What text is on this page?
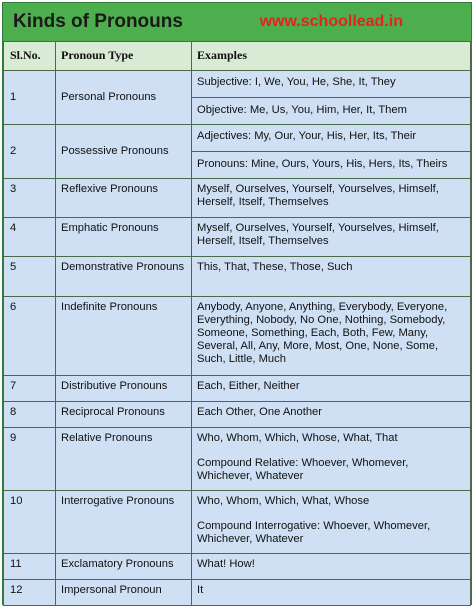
Kinds of Pronouns	www.schoollead.in
Sl.No.	Pronoun Type	Examples
1	Personal Pronouns	Subjective: I, We, You, He, She, It, They
Objective: Me, Us, You, Him, Her, It, Them

2	Possessive Pronouns	Adjectives: My, Our, Your, His, Her, Its, Their
Pronouns: Mine, Ours, Yours, His, Hers, Its, Theirs

3	Reflexive Pronouns	Myself, Ourselves, Yourself, Yourselves, Himself, Herself, Itself, Themselves

4	Emphatic Pronouns	Myself, Ourselves, Yourself, Yourselves, Himself, Herself, Itself, Themselves

5	Demonstrative Pronouns	This, That, These, Those, Such

6	Indefinite Pronouns	Anybody, Anyone, Anything, Everybody, Everyone, Everything, Nobody, No One, Nothing, Somebody, Someone, Something, Each, Both, Few, Many, Several, All, Any, More, Most, One, None, Some, Such, Little, Much

7	Distributive Pronouns	Each, Either, Neither

8	Reciprocal Pronouns	Each Other, One Another

9	Relative Pronouns	Who, Whom, Which, Whose, What, That
Compound Relative: Whoever, Whomever, Whichever, Whatever

10	Interrogative Pronouns	Who, Whom, Which, What, Whose
Compound Interrogative: Whoever, Whomever, Whichever, Whatever

11	Exclamatory Pronouns	What! How!

12	Impersonal Pronoun	It
